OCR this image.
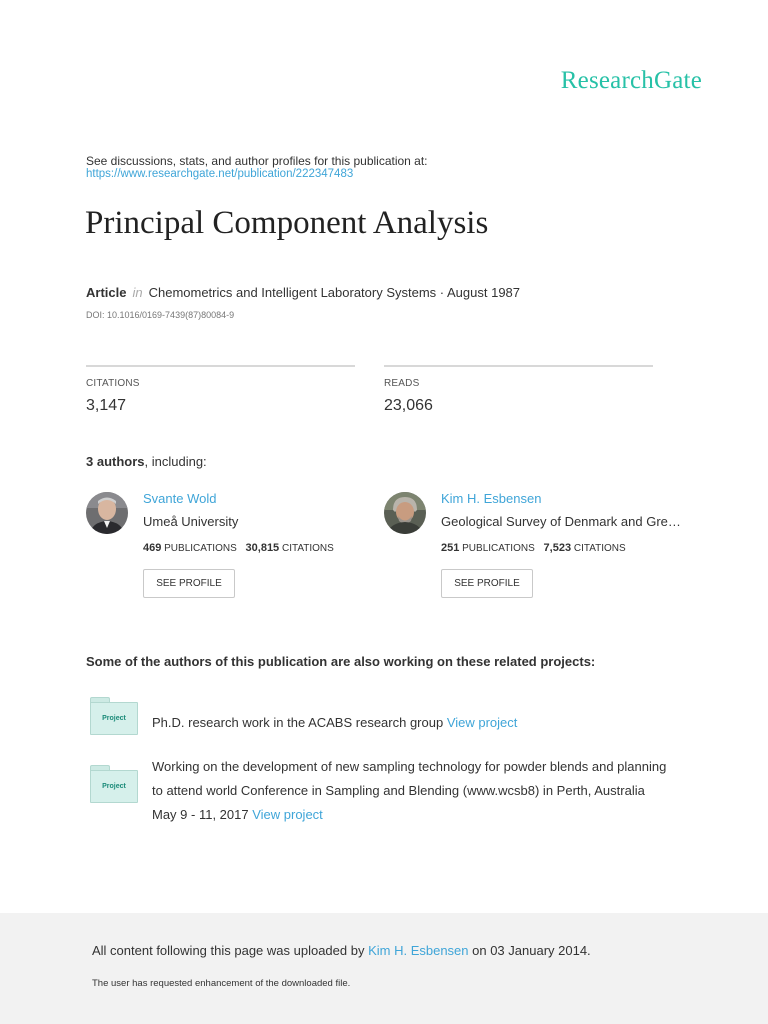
ResearchGate
See discussions, stats, and author profiles for this publication at:
https://www.researchgate.net/publication/222347483
Principal Component Analysis
Article in Chemometrics and Intelligent Laboratory Systems · August 1987
DOI: 10.1016/0169-7439(87)80084-9
CITATIONS
3,147
READS
23,066
3 authors, including:
Svante Wold
Umeå University
469 PUBLICATIONS 30,815 CITATIONS
SEE PROFILE
Kim H. Esbensen
Geological Survey of Denmark and Gre…
251 PUBLICATIONS 7,523 CITATIONS
SEE PROFILE
Some of the authors of this publication are also working on these related projects:
Project	Ph.D. research work in the ACABS research group View project
Project
Working on the development of new sampling technology for powder blends and planning to attend world Conference in Sampling and Blending (www.wcsb8) in Perth, Australia May 9 - 11, 2017 View project
All content following this page was uploaded by Kim H. Esbensen on 03 January 2014.
The user has requested enhancement of the downloaded file.
